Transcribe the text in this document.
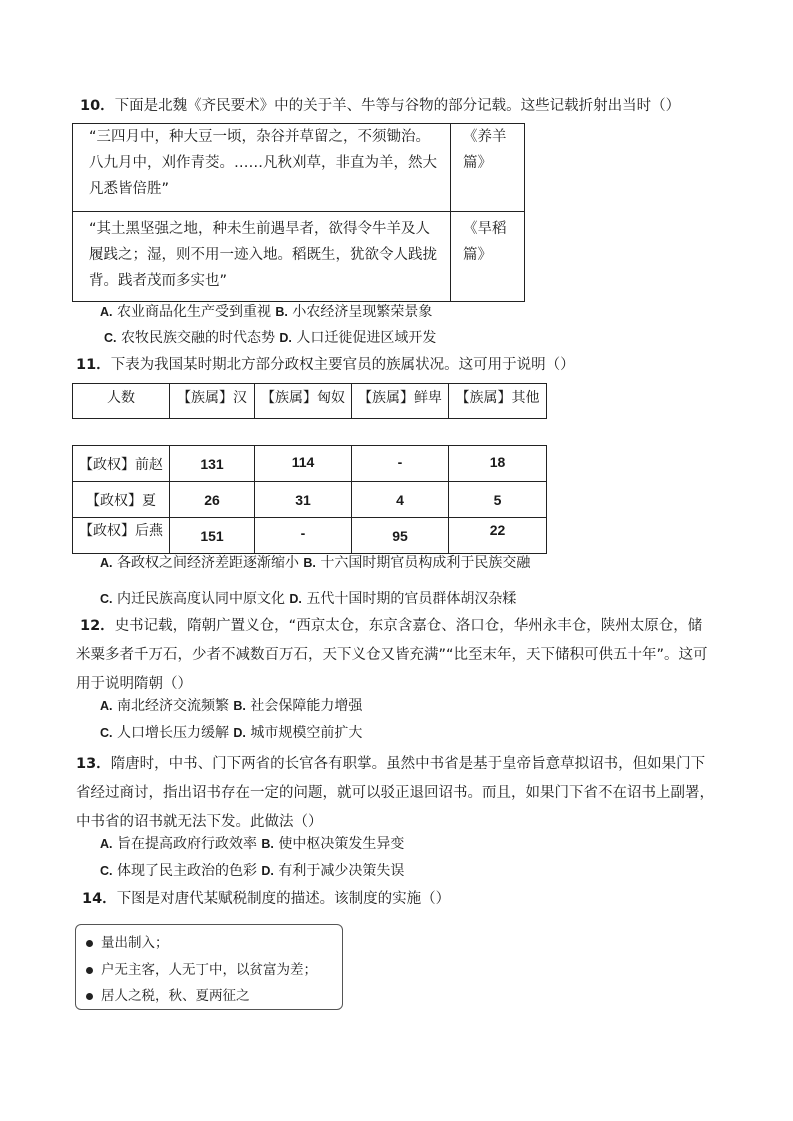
10．下面是北魏《齐民要术》中的关于羊、牛等与谷物的部分记载。这些记载折射出当时（）
“三四月中，种大豆一顷，杂谷并草留之，不须锄治。八九月中，刈作青茭。……凡秋刈草，非直为羊，然大凡悉皆倍胜”	《养羊篇》
“其土黑坚强之地，种未生前遇旱者，欲得令牛羊及人履践之；湿，则不用一迹入地。稻既生，犹欲令人践拢背。践者茂而多实也”	《旱稻篇》
A. 农业商品化生产受到重视 B. 小农经济呈现繁荣景象
C. 农牧民族交融的时代态势 D. 人口迁徙促进区域开发
11．下表为我国某时期北方部分政权主要官员的族属状况。这可用于说明（）
人数	【族属】汉	【族属】匈奴	【族属】鲜卑	【族属】其他
【政权】前赵	131	114	-	18
【政权】夏	26	31	4	5
【政权】后燕	151	-	95	22
A. 各政权之间经济差距逐渐缩小 B. 十六国时期官员构成利于民族交融
C. 内迁民族高度认同中原文化 D. 五代十国时期的官员群体胡汉杂糅
12．史书记载，隋朝广置义仓，“西京太仓，东京含嘉仓、洛口仓，华州永丰仓，陕州太原仓，储米粟多者千万石，少者不减数百万石，天下义仓又皆充满”“比至末年，天下储积可供五十年”。这可用于说明隋朝（）
A. 南北经济交流频繁 B. 社会保障能力增强
C. 人口增长压力缓解 D. 城市规模空前扩大
13．隋唐时，中书、门下两省的长官各有职掌。虽然中书省是基于皇帝旨意草拟诏书，但如果门下省经过商讨，指出诏书存在一定的问题，就可以驳正退回诏书。而且，如果门下省不在诏书上副署，中书省的诏书就无法下发。此做法（）
A. 旨在提高政府行政效率 B. 使中枢决策发生异变
C. 体现了民主政治的色彩 D. 有利于减少决策失误
14．下图是对唐代某赋税制度的描述。该制度的实施（）
量出制入；
户无主客，人无丁中，以贫富为差；
居人之税，秋、夏两征之
